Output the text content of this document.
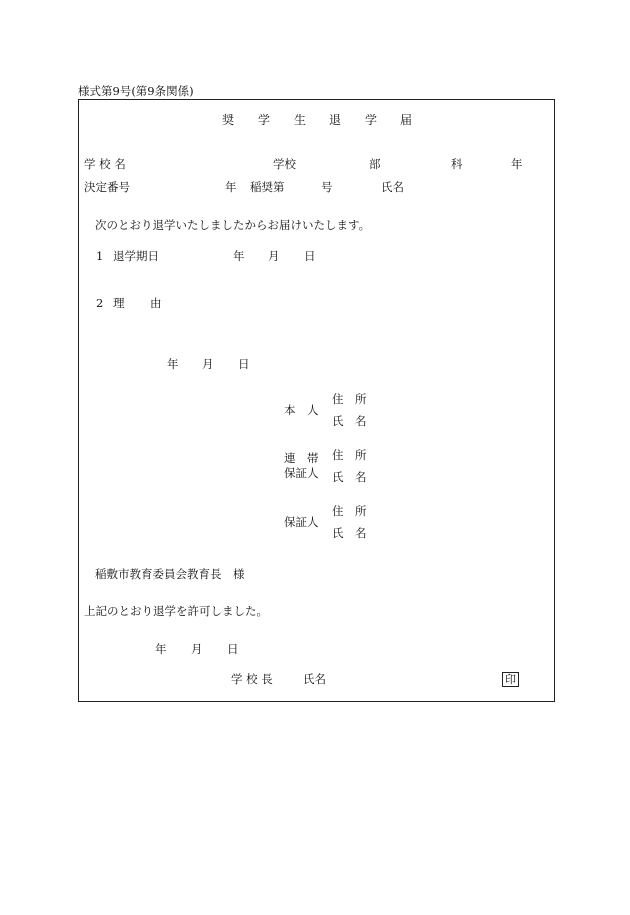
様式第9号(第9条関係)
奨 学 生 退 学 届
学 校 名	学校	部	科	年
決定番号	年 稲奨第	号	氏名
次のとおり退学いたしましたからお届けいたします。
1 退学期日	年 月 日
2 理 由
年 月 日
本　人
住　所
氏　名
連　帯
保証人
住　所
氏　名
保証人
住　所
氏　名
稲敷市教育委員会教育長　様
上記のとおり退学を許可しました。
年 月 日
学 校 長	氏名	印
